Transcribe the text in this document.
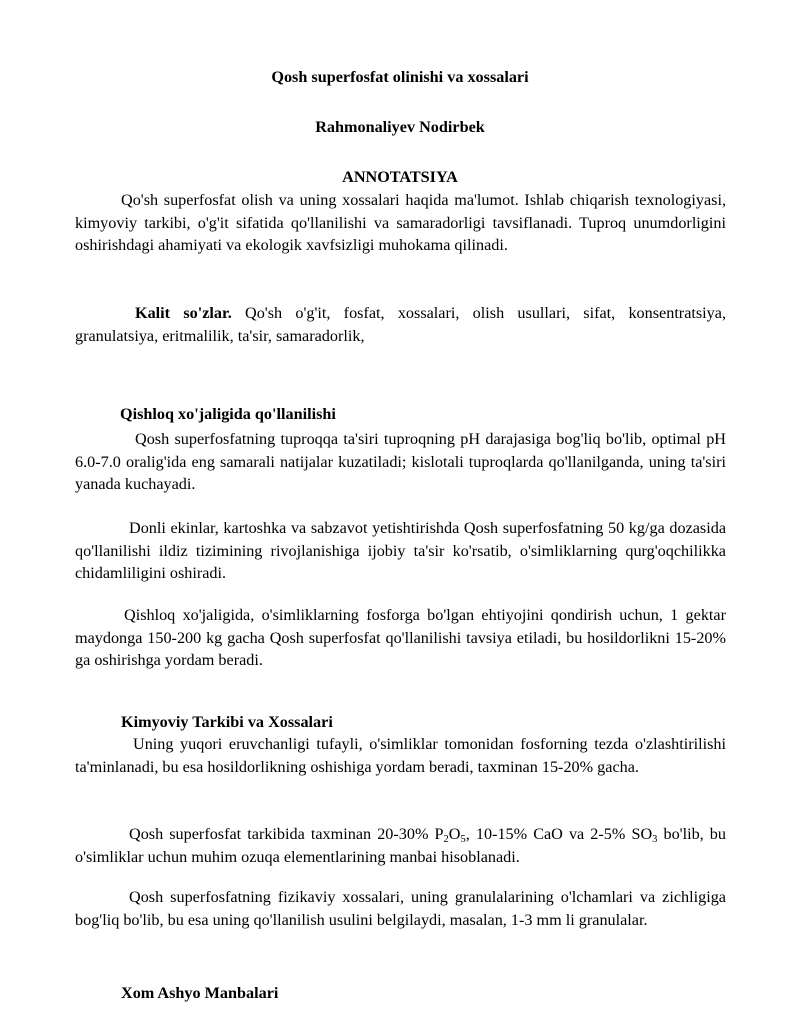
Qosh superfosfat olinishi va xossalari
Rahmonaliyev Nodirbek
ANNOTATSIYA
Qo'sh superfosfat olish va uning xossalari haqida ma'lumot. Ishlab chiqarish texnologiyasi, kimyoviy tarkibi, o'g'it sifatida qo'llanilishi va samaradorligi tavsiflanadi. Tuproq unumdorligini oshirishdagi ahamiyati va ekologik xavfsizligi muhokama qilinadi.
Kalit so'zlar. Qo'sh o'g'it, fosfat, xossalari, olish usullari, sifat, konsentratsiya, granulatsiya, eritmalilik, ta'sir, samaradorlik,
Qishloq xo'jaligida qo'llanilishi
Qosh superfosfatning tuproqqa ta'siri tuproqning pH darajasiga bog'liq bo'lib, optimal pH 6.0-7.0 oralig'ida eng samarali natijalar kuzatiladi; kislotali tuproqlarda qo'llanilganda, uning ta'siri yanada kuchayadi.
Donli ekinlar, kartoshka va sabzavot yetishtirishda Qosh superfosfatning 50 kg/ga dozasida qo'llanilishi ildiz tizimining rivojlanishiga ijobiy ta'sir ko'rsatib, o'simliklarning qurg'oqchilikka chidamliligini oshiradi.
Qishloq xo'jaligida, o'simliklarning fosforga bo'lgan ehtiyojini qondirish uchun, 1 gektar maydonga 150-200 kg gacha Qosh superfosfat qo'llanilishi tavsiya etiladi, bu hosildorlikni 15-20% ga oshirishga yordam beradi.
Kimyoviy Tarkibi va Xossalari
Uning yuqori eruvchanligi tufayli, o'simliklar tomonidan fosforning tezda o'zlashtirilishi ta'minlanadi, bu esa hosildorlikning oshishiga yordam beradi, taxminan 15-20% gacha.
Qosh superfosfat tarkibida taxminan 20-30% $P_2O_5$, 10-15% CaO va 2-5% $SO_3$ bo'lib, bu o'simliklar uchun muhim ozuqa elementlarining manbai hisoblanadi.
Qosh superfosfatning fizikaviy xossalari, uning granulalarining o'lchamlari va zichligiga bog'liq bo'lib, bu esa uning qo'llanilish usulini belgilaydi, masalan, 1-3 mm li granulalar.
Xom Ashyo Manbalari
